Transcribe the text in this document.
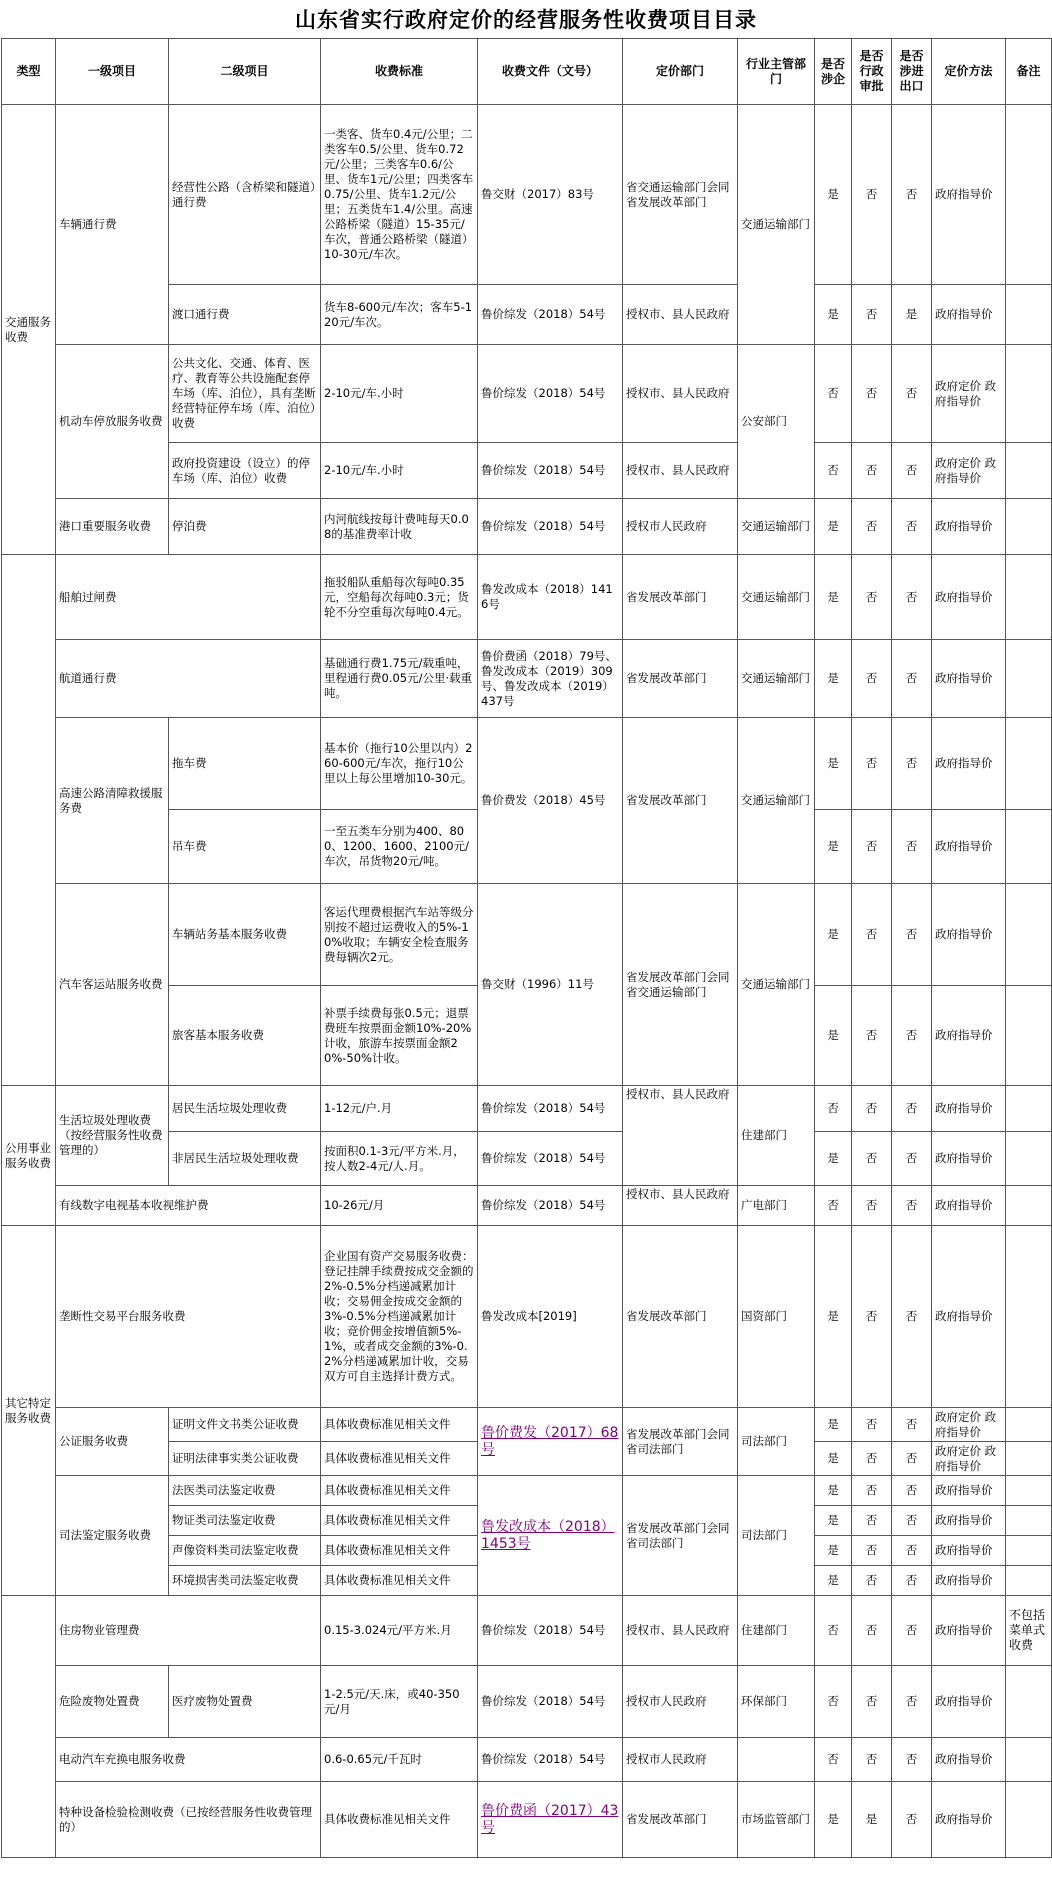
山东省实行政府定价的经营服务性收费项目目录
类型	一级项目	二级项目	收费标准	收费文件（文号）	定价部门	行业主管部门	是否涉企	是否行政审批	是否涉进出口	定价方法	备注
交通服务收费	车辆通行费	经营性公路（含桥梁和隧道）通行费	一类客、货车0.4元/公里；二类客车0.5/公里、货车0.72元/公里；三类客车0.6/公里、货车1元/公里；四类客车0.75/公里、货车1.2元/公里；五类货车1.4/公里。高速公路桥梁（隧道）15-35元/车次，普通公路桥梁（隧道）10-30元/车次。	鲁交财（2017）83号	省交通运输部门会同省发展改革部门	交通运输部门	是	否	否	政府指导价	
		渡口通行费	货车8-600元/车次；客车5-120元/车次。	鲁价综发（2018）54号	授权市、县人民政府		是	否	是	政府指导价	
	机动车停放服务收费	公共文化、交通、体育、医疗、教育等公共设施配套停车场（库、泊位），具有垄断经营特征停车场（库、泊位）收费	2-10元/车.小时	鲁价综发（2018）54号	授权市、县人民政府	公安部门	否	否	否	政府定价 政府指导价	
		政府投资建设（设立）的停车场（库、泊位）收费	2-10元/车.小时	鲁价综发（2018）54号	授权市、县人民政府		否	否	否	政府定价 政府指导价	
	港口重要服务收费	停泊费	内河航线按每计费吨每天0.08的基准费率计收	鲁价综发（2018）54号	授权市人民政府	交通运输部门	是	否	否	政府指导价	
	船舶过闸费		拖驳船队重船每次每吨0.35元，空船每次每吨0.3元；货轮不分空重每次每吨0.4元。	鲁发改成本（2018）1416号	省发展改革部门	交通运输部门	是	否	否	政府指导价	
	航道通行费		基础通行费1.75元/载重吨，里程通行费0.05元/公里·载重吨。	鲁价费函（2018）79号、鲁发改成本（2019）309号、鲁发改成本（2019）437号	省发展改革部门	交通运输部门	是	否	否	政府指导价	
	高速公路清障救援服务费	拖车费	基本价（拖行10公里以内）260-600元/车次，拖行10公里以上每公里增加10-30元。	鲁价费发（2018）45号	省发展改革部门	交通运输部门	是	否	否	政府指导价	
		吊车费	一至五类车分别为400、800、1200、1600、2100元/车次，吊货物20元/吨。				是	否	否	政府指导价	
	汽车客运站服务收费	车辆站务基本服务收费	客运代理费根据汽车站等级分别按不超过运费收入的5%-10%收取；车辆安全检查服务费每辆次2元。	鲁交财（1996）11号	省发展改革部门会同省交通运输部门	交通运输部门	是	否	否	政府指导价	
		旅客基本服务收费	补票手续费每张0.5元；退票费班车按票面金额10%-20%计收，旅游车按票面金额20%-50%计收。				是	否	否	政府指导价	
公用事业服务收费	生活垃圾处理收费（按经营服务性收费管理的）	居民生活垃圾处理收费	1-12元/户.月	鲁价综发（2018）54号	授权市、县人民政府	住建部门	否	否	否	政府指导价	
		非居民生活垃圾处理收费	按面积0.1-3元/平方米.月，按人数2-4元/人.月。	鲁价综发（2018）54号			是	否	否	政府指导价	
	有线数字电视基本收视维护费		10-26元/月	鲁价综发（2018）54号	授权市、县人民政府	广电部门	否	否	否	政府指导价	
其它特定服务收费	垄断性交易平台服务收费		企业国有资产交易服务收费：登记挂牌手续费按成交金额的2%-0.5%分档递减累加计收；交易佣金按成交金额的3%-0.5%分档递减累加计收；竞价佣金按增值额5%-1%，或者成交金额的3%-0.2%分档递减累加计收，交易双方可自主选择计费方式。	鲁发改成本[2019]	省发展改革部门	国资部门	是	否	否	政府指导价	
	公证服务收费	证明文件文书类公证收费	具体收费标准见相关文件	鲁价费发（2017）68号	省发展改革部门会同省司法部门	司法部门	是	否	否	政府定价 政府指导价	
		证明法律事实类公证收费	具体收费标准见相关文件				是	否	否	政府定价 政府指导价	
	司法鉴定服务收费	法医类司法鉴定收费	具体收费标准见相关文件	鲁发改成本（2018）1453号	省发展改革部门会同省司法部门	司法部门	是	否	否	政府指导价	
		物证类司法鉴定收费	具体收费标准见相关文件				是	否	否	政府指导价	
		声像资料类司法鉴定收费	具体收费标准见相关文件				是	否	否	政府指导价	
		环境损害类司法鉴定收费	具体收费标准见相关文件				是	否	否	政府指导价	
	住房物业管理费		0.15-3.024元/平方米.月	鲁价综发（2018）54号	授权市、县人民政府	住建部门	否	否	否	政府指导价	不包括菜单式收费
	危险废物处置费	医疗废物处置费	1-2.5元/天.床，或40-350元/月	鲁价综发（2018）54号	授权市人民政府	环保部门	否	否	否	政府指导价	
	电动汽车充换电服务收费		0.6-0.65元/千瓦时	鲁价综发（2018）54号	授权市人民政府		否	否	否	政府指导价	
	特种设备检验检测收费（已按经营服务性收费管理的）		具体收费标准见相关文件	鲁价费函（2017）43号	省发展改革部门	市场监管部门	是	是	否	政府指导价	
